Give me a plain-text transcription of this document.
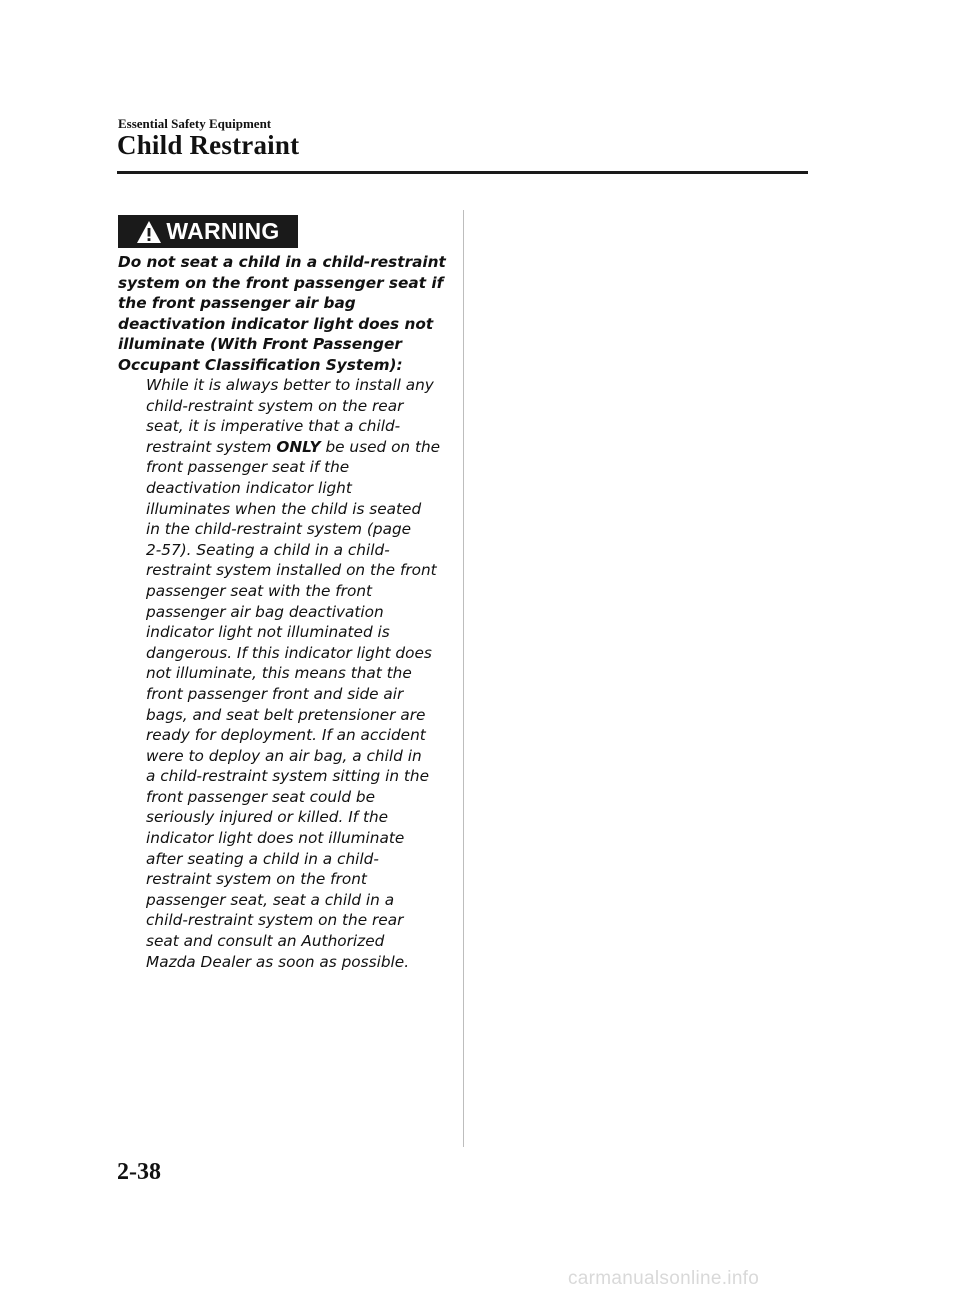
Essential Safety Equipment
Child Restraint
WARNING
Do not seat a child in a child-restraint
system on the front passenger seat if
the front passenger air bag
deactivation indicator light does not
illuminate (With Front Passenger
Occupant Classification System):
While it is always better to install any
child-restraint system on the rear
seat, it is imperative that a child-
restraint system ONLY be used on the
front passenger seat if the
deactivation indicator light
illuminates when the child is seated
in the child-restraint system (page
2-57). Seating a child in a child-
restraint system installed on the front
passenger seat with the front
passenger air bag deactivation
indicator light not illuminated is
dangerous. If this indicator light does
not illuminate, this means that the
front passenger front and side air
bags, and seat belt pretensioner are
ready for deployment. If an accident
were to deploy an air bag, a child in
a child-restraint system sitting in the
front passenger seat could be
seriously injured or killed. If the
indicator light does not illuminate
after seating a child in a child-
restraint system on the front
passenger seat, seat a child in a
child-restraint system on the rear
seat and consult an Authorized
Mazda Dealer as soon as possible.
2-38
carmanualsonline.info
